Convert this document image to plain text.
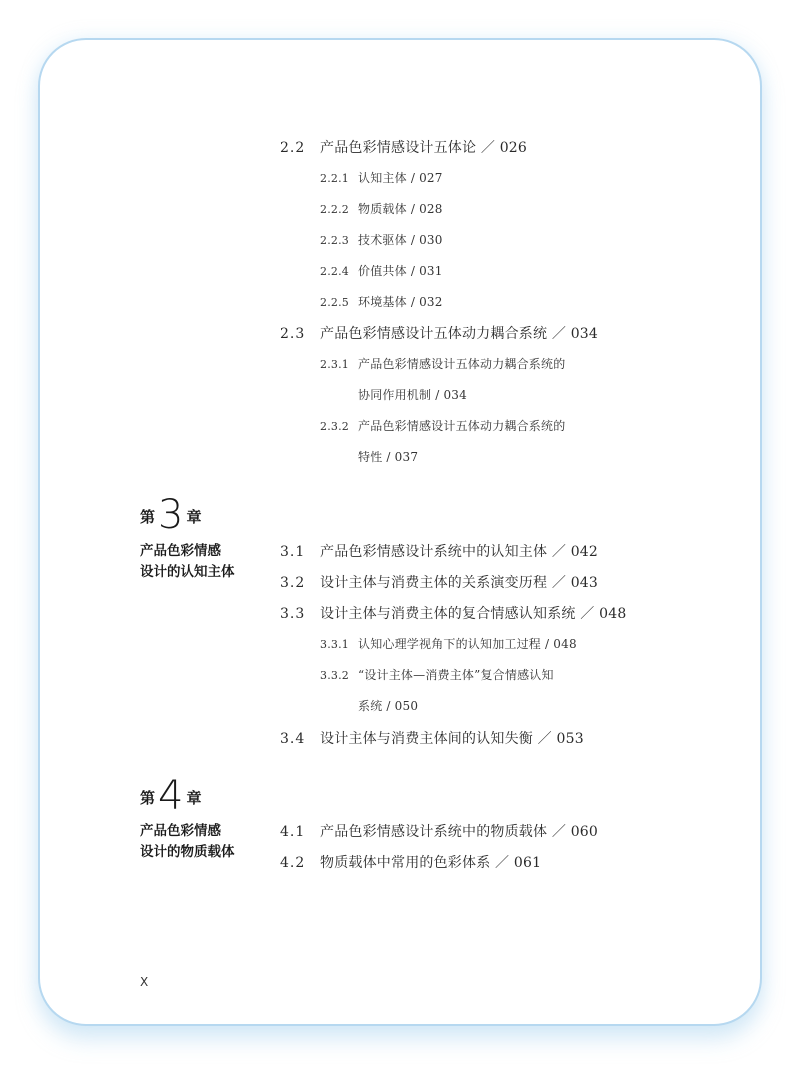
2.2 产品色彩情感设计五体论 ／ 026
2.2.1 认知主体 / 027
2.2.2 物质载体 / 028
2.2.3 技术驱体 / 030
2.2.4 价值共体 / 031
2.2.5 环境基体 / 032
2.3 产品色彩情感设计五体动力耦合系统 ／ 034
2.3.1 产品色彩情感设计五体动力耦合系统的
协同作用机制 / 034
2.3.2 产品色彩情感设计五体动力耦合系统的
特性 / 037
第3 章
产品色彩情感
设计的认知主体
3.1 产品色彩情感设计系统中的认知主体 ／ 042
3.2 设计主体与消费主体的关系演变历程 ／ 043
3.3 设计主体与消费主体的复合情感认知系统 ／ 048
3.3.1 认知心理学视角下的认知加工过程 / 048
3.3.2 “设计主体—消费主体”复合情感认知
系统 / 050
3.4 设计主体与消费主体间的认知失衡 ／ 053
第4 章
产品色彩情感
设计的物质载体
4.1 产品色彩情感设计系统中的物质载体 ／ 060
4.2 物质载体中常用的色彩体系 ／ 061
X
